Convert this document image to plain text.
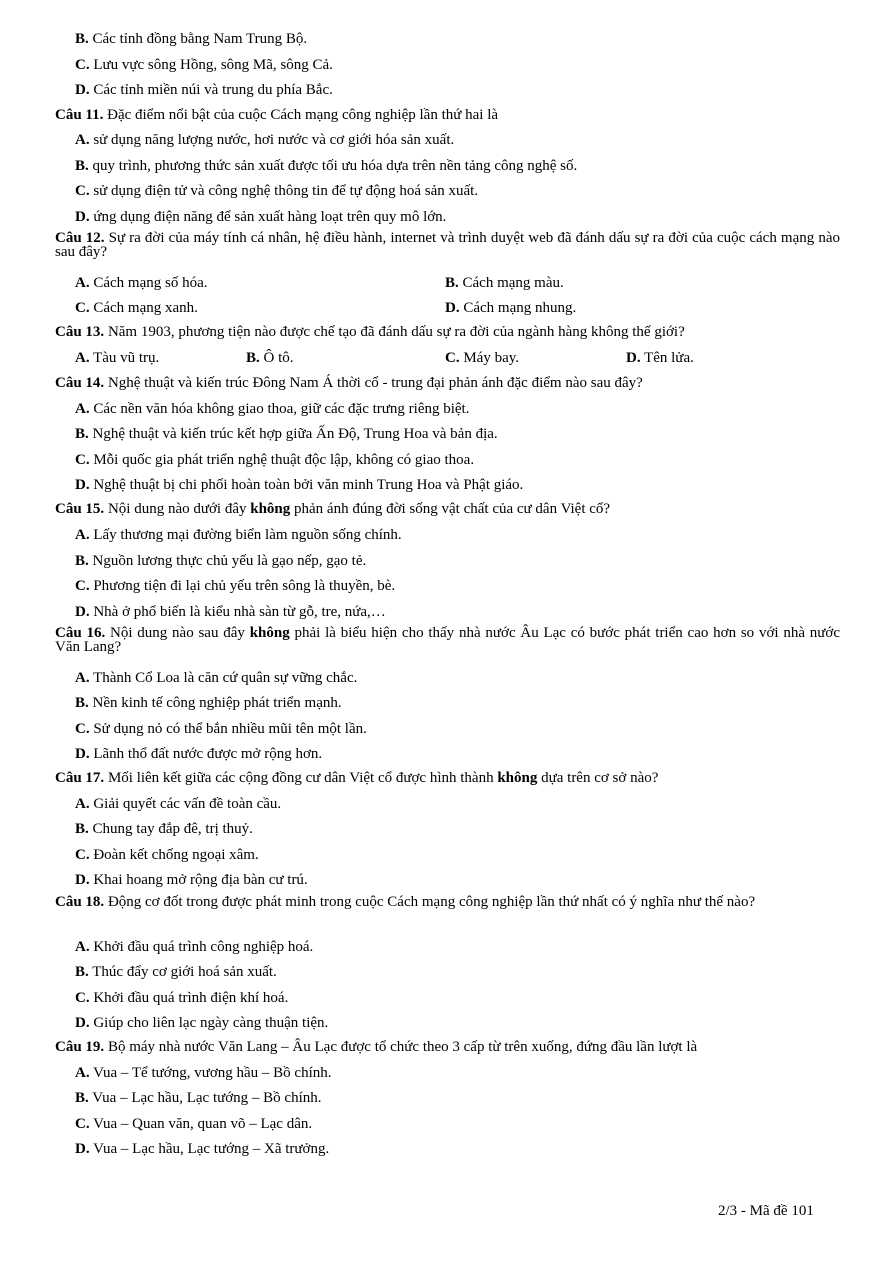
B. Các tỉnh đồng bằng Nam Trung Bộ.
C. Lưu vực sông Hồng, sông Mã, sông Cả.
D. Các tỉnh miền núi và trung du phía Bắc.
Câu 11. Đặc điểm nổi bật của cuộc Cách mạng công nghiệp lần thứ hai là
A. sử dụng năng lượng nước, hơi nước và cơ giới hóa sản xuất.
B. quy trình, phương thức sản xuất được tối ưu hóa dựa trên nền tảng công nghệ số.
C. sử dụng điện tử và công nghệ thông tin để tự động hoá sản xuất.
D. ứng dụng điện năng để sản xuất hàng loạt trên quy mô lớn.
Câu 12. Sự ra đời của máy tính cá nhân, hệ điều hành, internet và trình duyệt web đã đánh dấu sự ra đời của cuộc cách mạng nào sau đây?
A. Cách mạng số hóa.	B. Cách mạng màu.
C. Cách mạng xanh.	D. Cách mạng nhung.
Câu 13. Năm 1903, phương tiện nào được chế tạo đã đánh dấu sự ra đời của ngành hàng không thế giới?
A. Tàu vũ trụ.	B. Ô tô.	C. Máy bay.	D. Tên lửa.
Câu 14. Nghệ thuật và kiến trúc Đông Nam Á thời cổ - trung đại phản ánh đặc điểm nào sau đây?
A. Các nền văn hóa không giao thoa, giữ các đặc trưng riêng biệt.
B. Nghệ thuật và kiến trúc kết hợp giữa Ấn Độ, Trung Hoa và bản địa.
C. Mỗi quốc gia phát triển nghệ thuật độc lập, không có giao thoa.
D. Nghệ thuật bị chi phối hoàn toàn bởi văn minh Trung Hoa và Phật giáo.
Câu 15. Nội dung nào dưới đây không phản ánh đúng đời sống vật chất của cư dân Việt cổ?
A. Lấy thương mại đường biển làm nguồn sống chính.
B. Nguồn lương thực chủ yếu là gạo nếp, gạo tẻ.
C. Phương tiện đi lại chủ yếu trên sông là thuyền, bè.
D. Nhà ở phổ biến là kiểu nhà sàn từ gỗ, tre, nứa,…
Câu 16. Nội dung nào sau đây không phải là biểu hiện cho thấy nhà nước Âu Lạc có bước phát triển cao hơn so với nhà nước Văn Lang?
A. Thành Cổ Loa là căn cứ quân sự vững chắc.
B. Nền kinh tế công nghiệp phát triển mạnh.
C. Sử dụng nỏ có thể bắn nhiều mũi tên một lần.
D. Lãnh thổ đất nước được mở rộng hơn.
Câu 17. Mối liên kết giữa các cộng đồng cư dân Việt cổ được hình thành không dựa trên cơ sở nào?
A. Giải quyết các vấn đề toàn cầu.
B. Chung tay đắp đê, trị thuỷ.
C. Đoàn kết chống ngoại xâm.
D. Khai hoang mở rộng địa bàn cư trú.
Câu 18. Động cơ đốt trong được phát minh trong cuộc Cách mạng công nghiệp lần thứ nhất có ý nghĩa như thế nào?
A. Khởi đầu quá trình công nghiệp hoá.
B. Thúc đẩy cơ giới hoá sản xuất.
C. Khởi đầu quá trình điện khí hoá.
D. Giúp cho liên lạc ngày càng thuận tiện.
Câu 19. Bộ máy nhà nước Văn Lang – Âu Lạc được tổ chức theo 3 cấp từ trên xuống, đứng đầu lần lượt là
A. Vua – Tể tướng, vương hầu – Bồ chính.
B. Vua – Lạc hầu, Lạc tướng – Bồ chính.
C. Vua – Quan văn, quan võ – Lạc dân.
D. Vua – Lạc hầu, Lạc tướng – Xã trưởng.
2/3 - Mã đề 101
